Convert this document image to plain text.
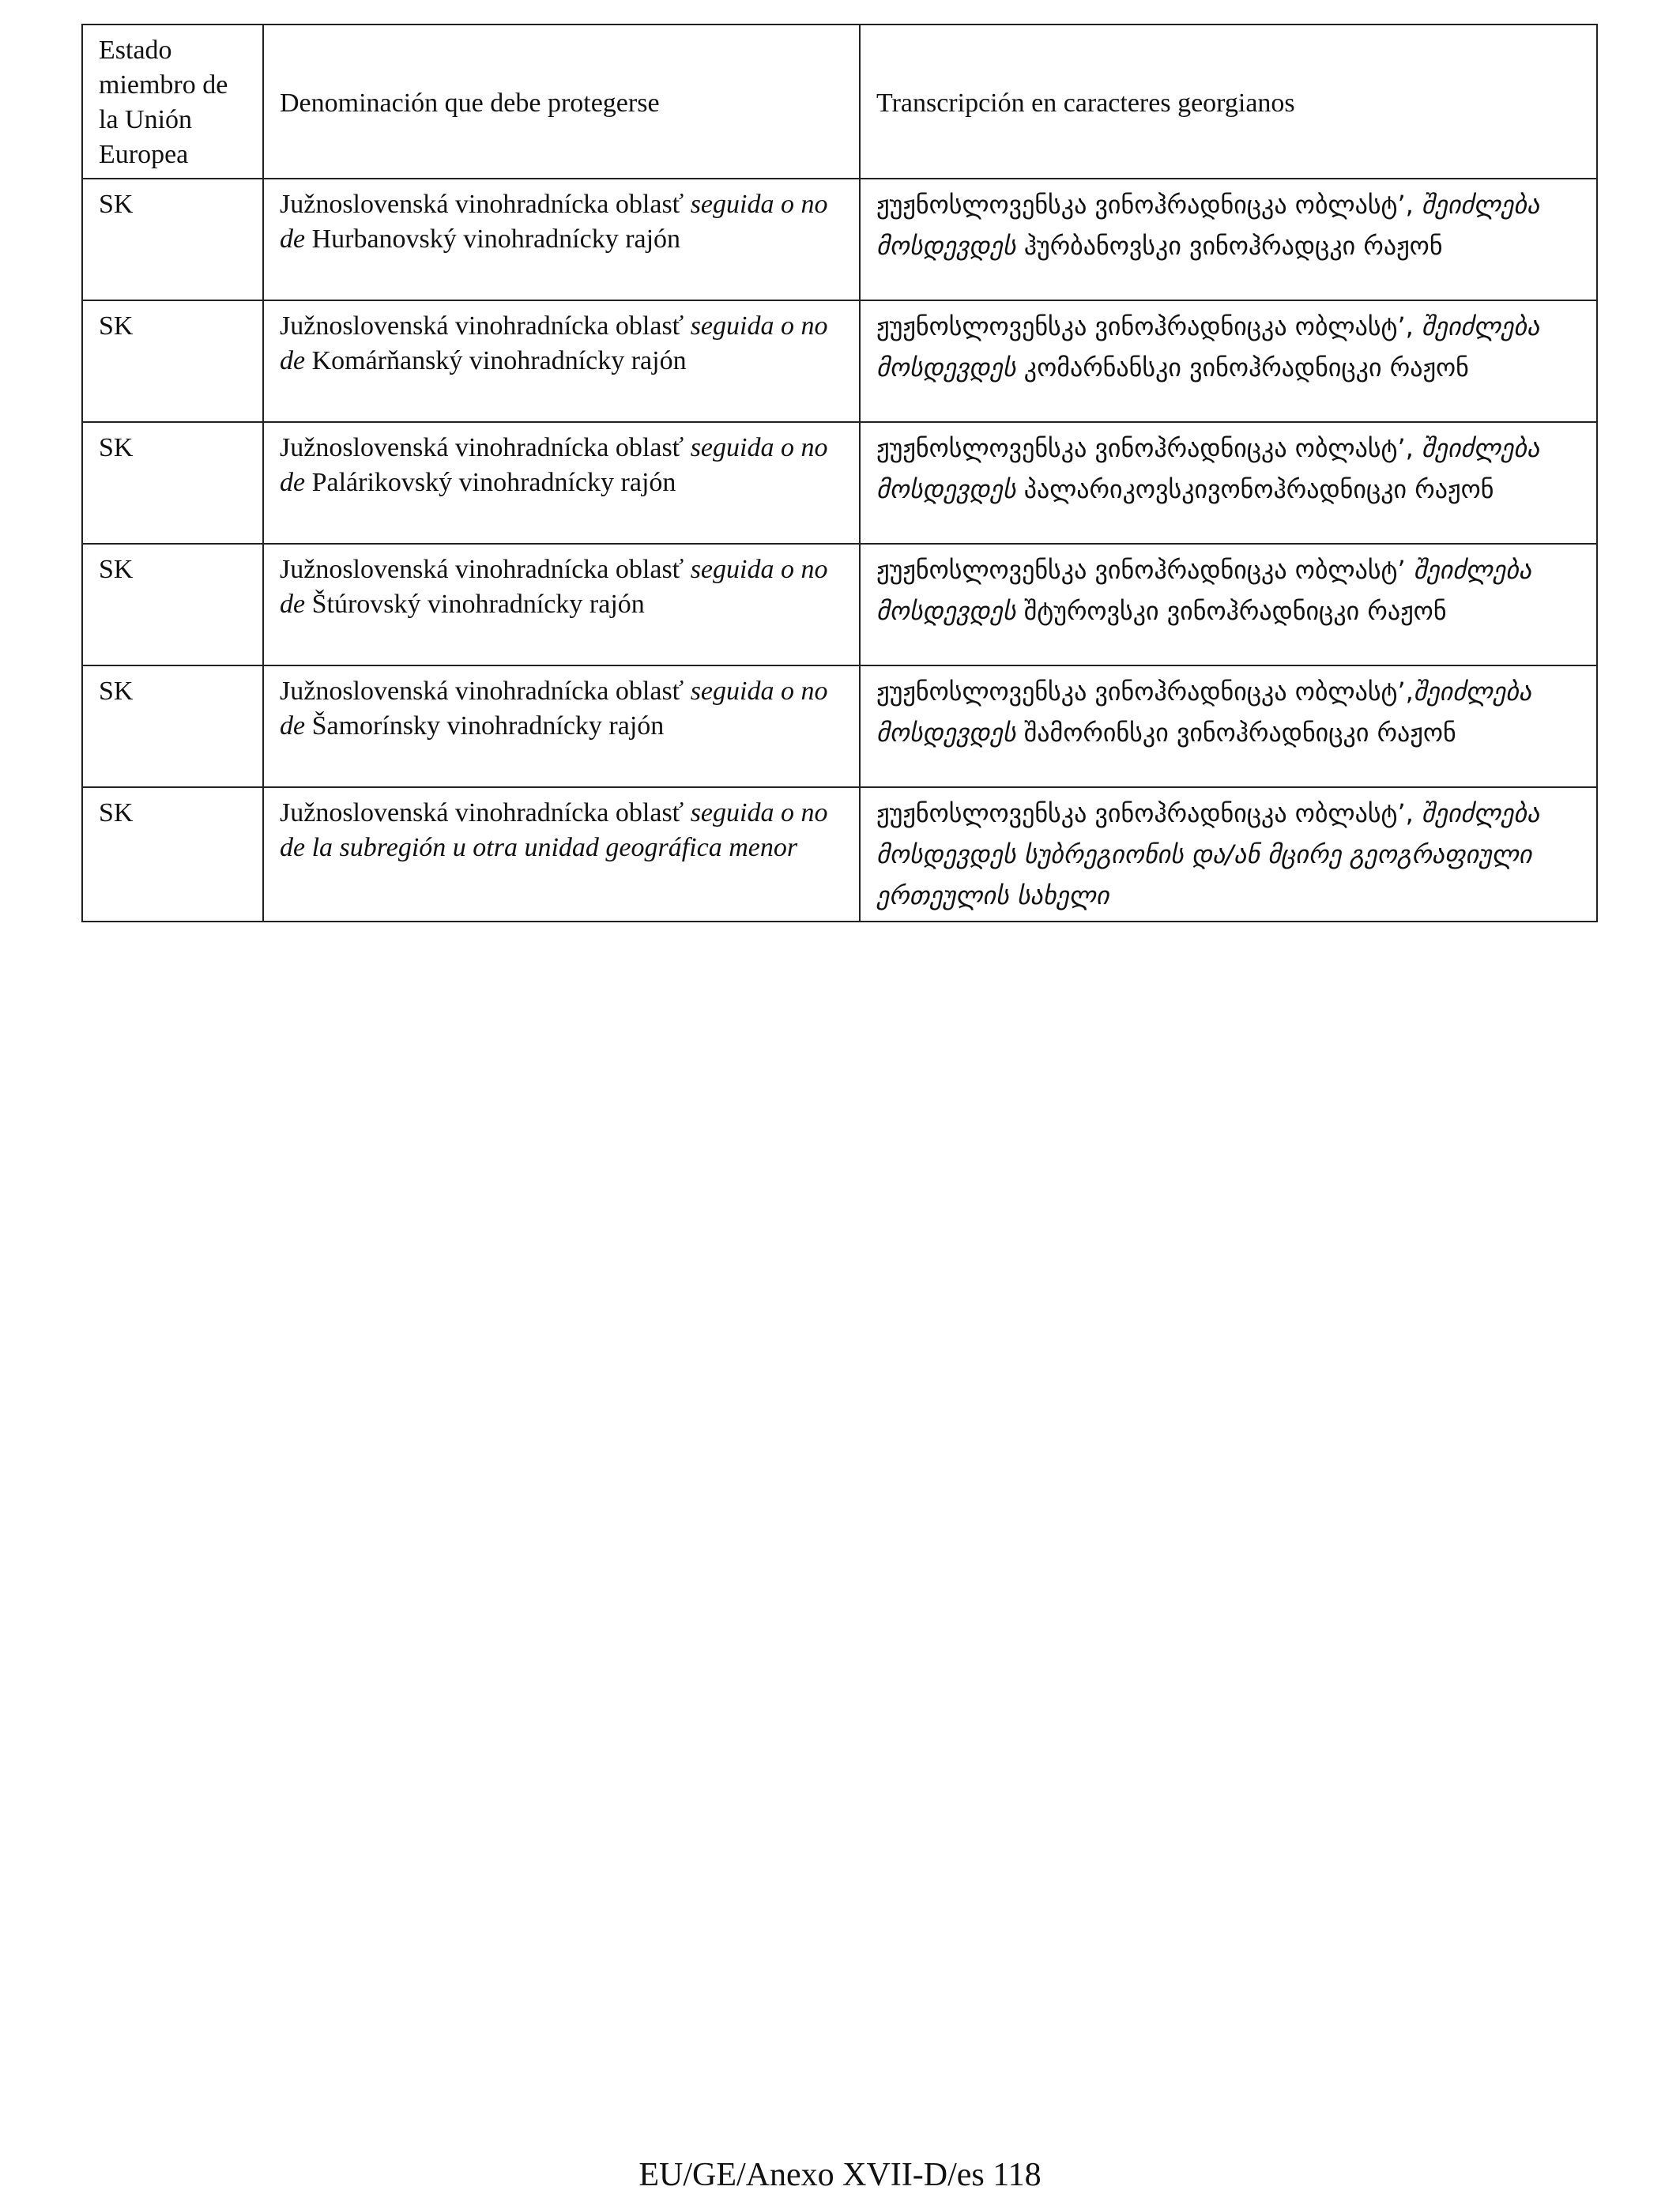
Estado miembro de la Unión Europea	Denominación que debe protegerse	Transcripción en caracteres georgianos
SK	Južnoslovenská vinohradnícka oblasť seguida o no de Hurbanovský vinohradnícky rajón	ჟუჟნოსლოვენსკა ვინოჰრადნიცკა ობლასტ’, შეიძლება მოსდევდეს ჰურბანოვსკი ვინოჰრადცკი რაჟონ
SK	Južnoslovenská vinohradnícka oblasť seguida o no de Komárňanský vinohradnícky rajón	ჟუჟნოსლოვენსკა ვინოჰრადნიცკა ობლასტ’, შეიძლება მოსდევდეს კომარნანსკი ვინოჰრადნიცკი რაჟონ
SK	Južnoslovenská vinohradnícka oblasť seguida o no de Palárikovský vinohradnícky rajón	ჟუჟნოსლოვენსკა ვინოჰრადნიცკა ობლასტ’, შეიძლება მოსდევდეს პალარიკოვსკივონოჰრადნიცკი რაჟონ
SK	Južnoslovenská vinohradnícka oblasť seguida o no de Štúrovský vinohradnícky rajón	ჟუჟნოსლოვენსკა ვინოჰრადნიცკა ობლასტ’ შეიძლება მოსდევდეს შტუროვსკი ვინოჰრადნიცკი რაჟონ
SK	Južnoslovenská vinohradnícka oblasť seguida o no de Šamorínsky vinohradnícky rajón	ჟუჟნოსლოვენსკა ვინოჰრადნიცკა ობლასტ’,შეიძლება მოსდევდეს შამორინსკი ვინოჰრადნიცკი რაჟონ
SK	Južnoslovenská vinohradnícka oblasť seguida o no de la subregión u otra unidad geográfica menor	ჟუჟნოსლოვენსკა ვინოჰრადნიცკა ობლასტ’, შეიძლება მოსდევდეს სუბრეგიონის და/ან მცირე გეოგრაფიული ერთეულის სახელი
EU/GE/Anexo XVII-D/es 118
